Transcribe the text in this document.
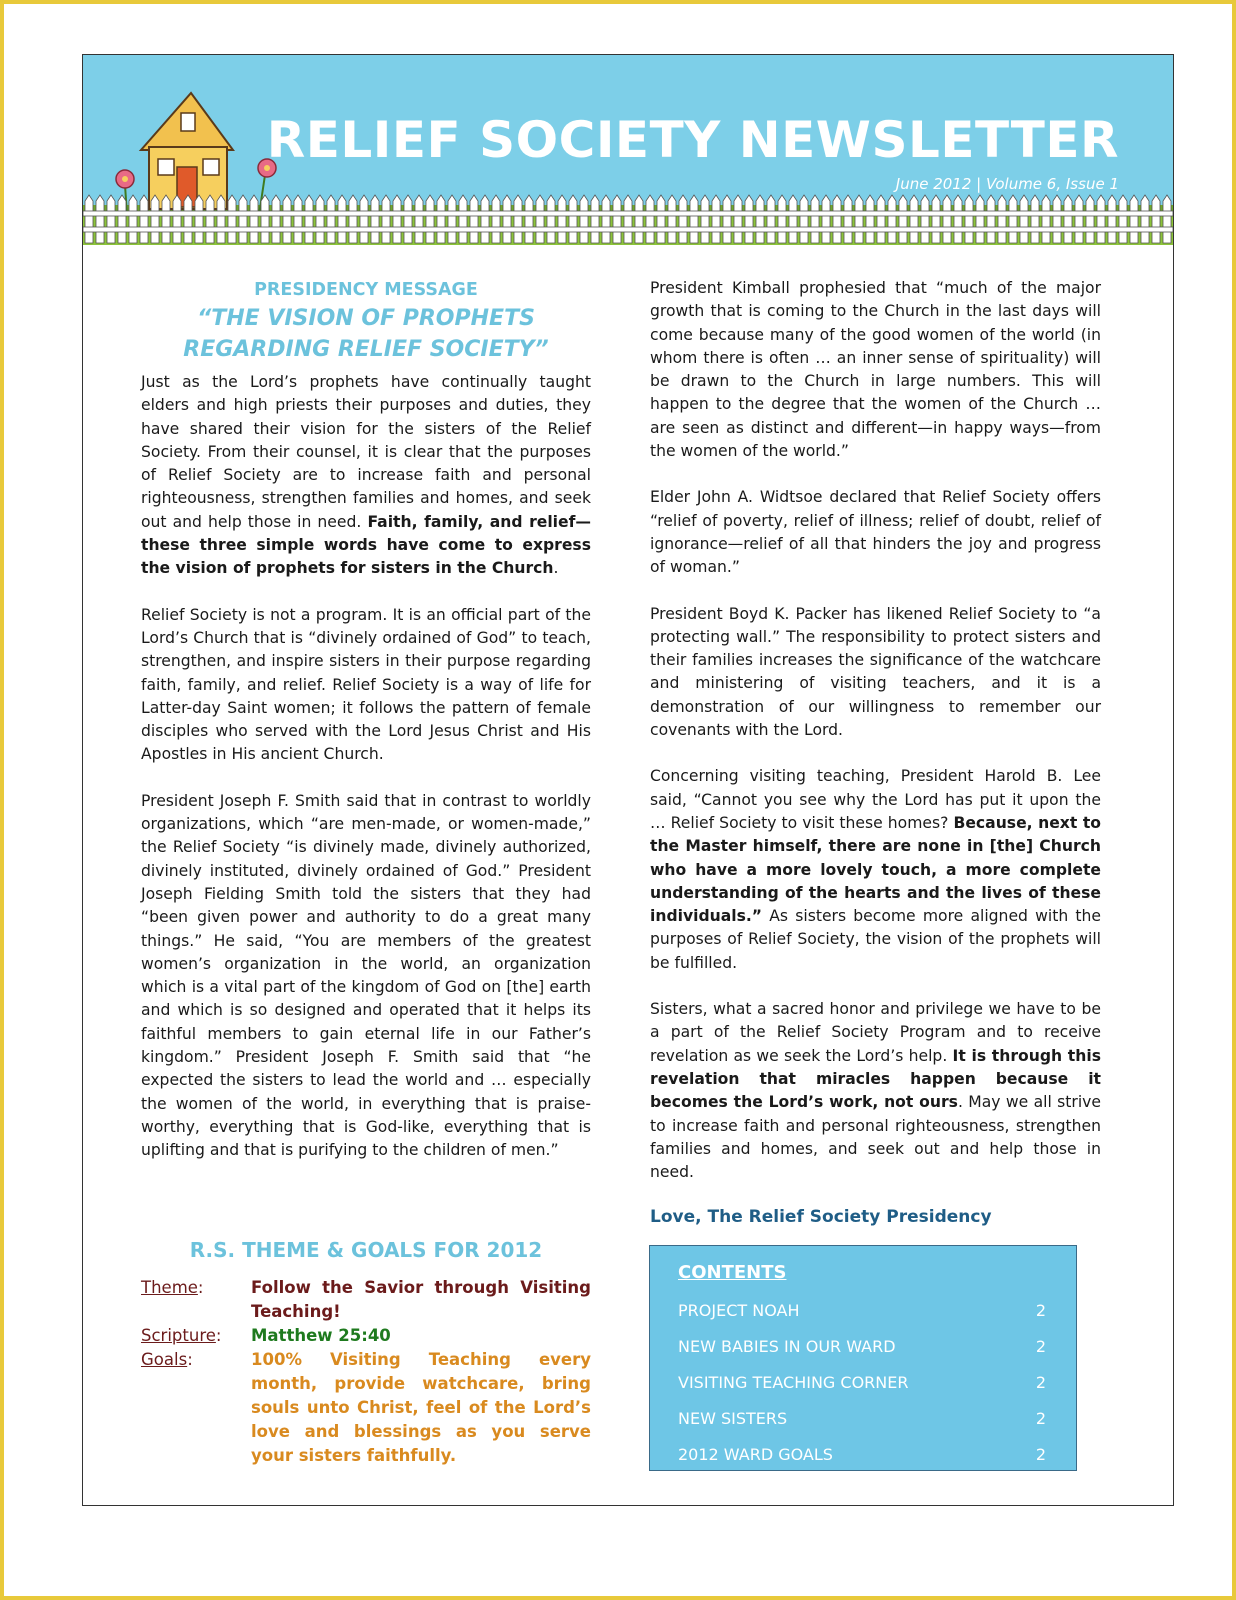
RELIEF SOCIETY NEWSLETTER
June 2012 | Volume 6, Issue 1
PRESIDENCY MESSAGE
“THE VISION OF PROPHETS REGARDING RELIEF SOCIETY”

Just as the Lord’s prophets have continually taught elders and high priests their purposes and duties, they have shared their vision for the sisters of the Relief Society. From their counsel, it is clear that the purposes of Relief Society are to increase faith and personal righteousness, strengthen families and homes, and seek out and help those in need. Faith, family, and relief—these three simple words have come to express the vision of prophets for sisters in the Church.

Relief Society is not a program. It is an official part of the Lord’s Church that is “divinely ordained of God” to teach, strengthen, and inspire sisters in their purpose regarding faith, family, and relief. Relief Society is a way of life for Latter-day Saint women; it follows the pattern of female disciples who served with the Lord Jesus Christ and His Apostles in His ancient Church.

President Joseph F. Smith said that in contrast to worldly organizations, which “are men-made, or women-made,” the Relief Society “is divinely made, divinely authorized, divinely instituted, divinely ordained of God.” President Joseph Fielding Smith told the sisters that they had “been given power and authority to do a great many things.” He said, “You are members of the greatest women’s organization in the world, an organization which is a vital part of the kingdom of God on [the] earth and which is so designed and operated that it helps its faithful members to gain eternal life in our Father’s kingdom.” President Joseph F. Smith said that “he expected the sisters to lead the world and … especially the women of the world, in everything that is praise-worthy, everything that is God-like, everything that is uplifting and that is purifying to the children of men.”

President Kimball prophesied that “much of the major growth that is coming to the Church in the last days will come because many of the good women of the world (in whom there is often … an inner sense of spirituality) will be drawn to the Church in large numbers. This will happen to the degree that the women of the Church … are seen as distinct and different—in happy ways—from the women of the world.”

Elder John A. Widtsoe declared that Relief Society offers “relief of poverty, relief of illness; relief of doubt, relief of ignorance—relief of all that hinders the joy and progress of woman.”

President Boyd K. Packer has likened Relief Society to “a protecting wall.” The responsibility to protect sisters and their families increases the significance of the watchcare and ministering of visiting teachers, and it is a demonstration of our willingness to remember our covenants with the Lord.

Concerning visiting teaching, President Harold B. Lee said, “Cannot you see why the Lord has put it upon the … Relief Society to visit these homes? Because, next to the Master himself, there are none in [the] Church who have a more lovely touch, a more complete understanding of the hearts and the lives of these individuals.” As sisters become more aligned with the purposes of Relief Society, the vision of the prophets will be fulfilled.

Sisters, what a sacred honor and privilege we have to be a part of the Relief Society Program and to receive revelation as we seek the Lord’s help. It is through this revelation that miracles happen because it becomes the Lord’s work, not ours. May we all strive to increase faith and personal righteousness, strengthen families and homes, and seek out and help those in need.

Love, The Relief Society Presidency
R.S. THEME & GOALS FOR 2012
Theme:	Follow the Savior through Visiting Teaching!
Scripture:	Matthew 25:40
Goals:	100% Visiting Teaching every month, provide watchcare, bring souls unto Christ, feel of the Lord’s love and blessings as you serve your sisters faithfully.
CONTENTS
PROJECT NOAH	2
NEW BABIES IN OUR WARD	2
VISITING TEACHING CORNER	2
NEW SISTERS	2
2012 WARD GOALS	2
